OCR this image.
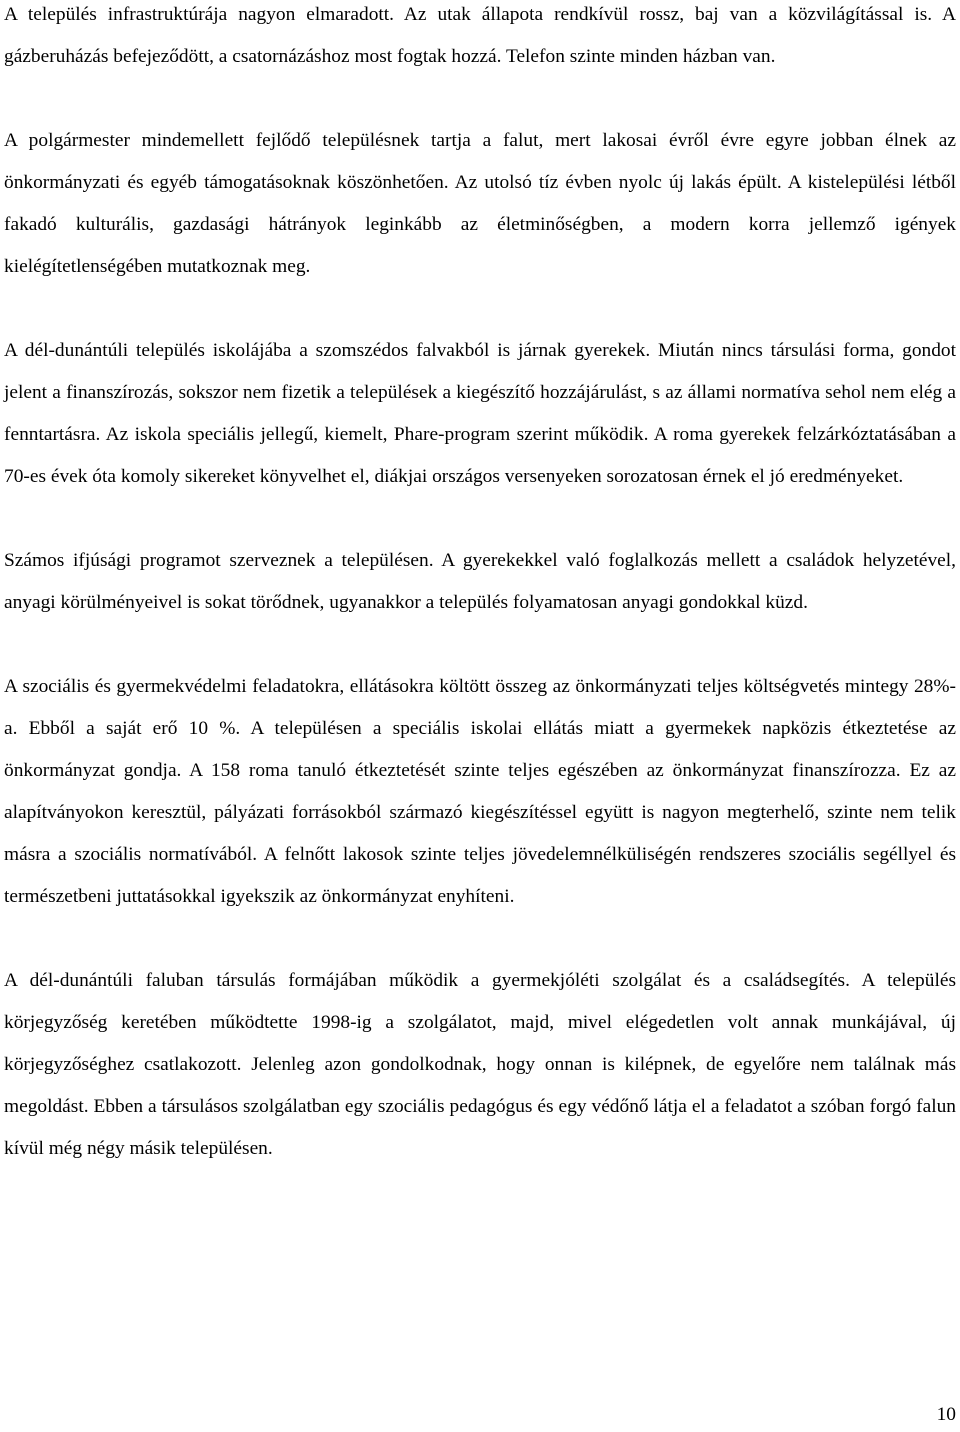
A település infrastruktúrája nagyon elmaradott. Az utak állapota rendkívül rossz, baj van a közvilágítással is. A gázberuházás befejeződött, a csatornázáshoz most fogtak hozzá. Telefon szinte minden házban van.

A polgármester mindemellett fejlődő településnek tartja a falut, mert lakosai évről évre egyre jobban élnek az önkormányzati és egyéb támogatásoknak köszönhetően. Az utolsó tíz évben nyolc új lakás épült. A kistelepülési létből fakadó kulturális, gazdasági hátrányok leginkább az életminőségben, a modern korra jellemző igények kielégítetlenségében mutatkoznak meg.

A dél-dunántúli település iskolájába a szomszédos falvakból is járnak gyerekek. Miután nincs társulási forma, gondot jelent a finanszírozás, sokszor nem fizetik a települések a kiegészítő hozzájárulást, s az állami normatíva sehol nem elég a fenntartásra. Az iskola speciális jellegű, kiemelt, Phare-program szerint működik. A roma gyerekek felzárkóztatásában a 70-es évek óta komoly sikereket könyvelhet el, diákjai országos versenyeken sorozatosan érnek el jó eredményeket.

Számos ifjúsági programot szerveznek a településen. A gyerekekkel való foglalkozás mellett a családok helyzetével, anyagi körülményeivel is sokat törődnek, ugyanakkor a település folyamatosan anyagi gondokkal küzd.

A szociális és gyermekvédelmi feladatokra, ellátásokra költött összeg az önkormányzati teljes költségvetés mintegy 28%-a. Ebből a saját erő 10 %. A településen a speciális iskolai ellátás miatt a gyermekek napközis étkeztetése az önkormányzat gondja. A 158 roma tanuló étkeztetését szinte teljes egészében az önkormányzat finanszírozza. Ez az alapítványokon keresztül, pályázati forrásokból származó kiegészítéssel együtt is nagyon megterhelő, szinte nem telik másra a szociális normatívából. A felnőtt lakosok szinte teljes jövedelemnélküliségén rendszeres szociális segéllyel és természetbeni juttatásokkal igyekszik az önkormányzat enyhíteni.

A dél-dunántúli faluban társulás formájában működik a gyermekjóléti szolgálat és a családsegítés. A település körjegyzőség keretében működtette 1998-ig a szolgálatot, majd, mivel elégedetlen volt annak munkájával, új körjegyzőséghez csatlakozott. Jelenleg azon gondolkodnak, hogy onnan is kilépnek, de egyelőre nem találnak más megoldást. Ebben a társulásos szolgálatban egy szociális pedagógus és egy védőnő látja el a feladatot a szóban forgó falun kívül még négy másik településen.

10
